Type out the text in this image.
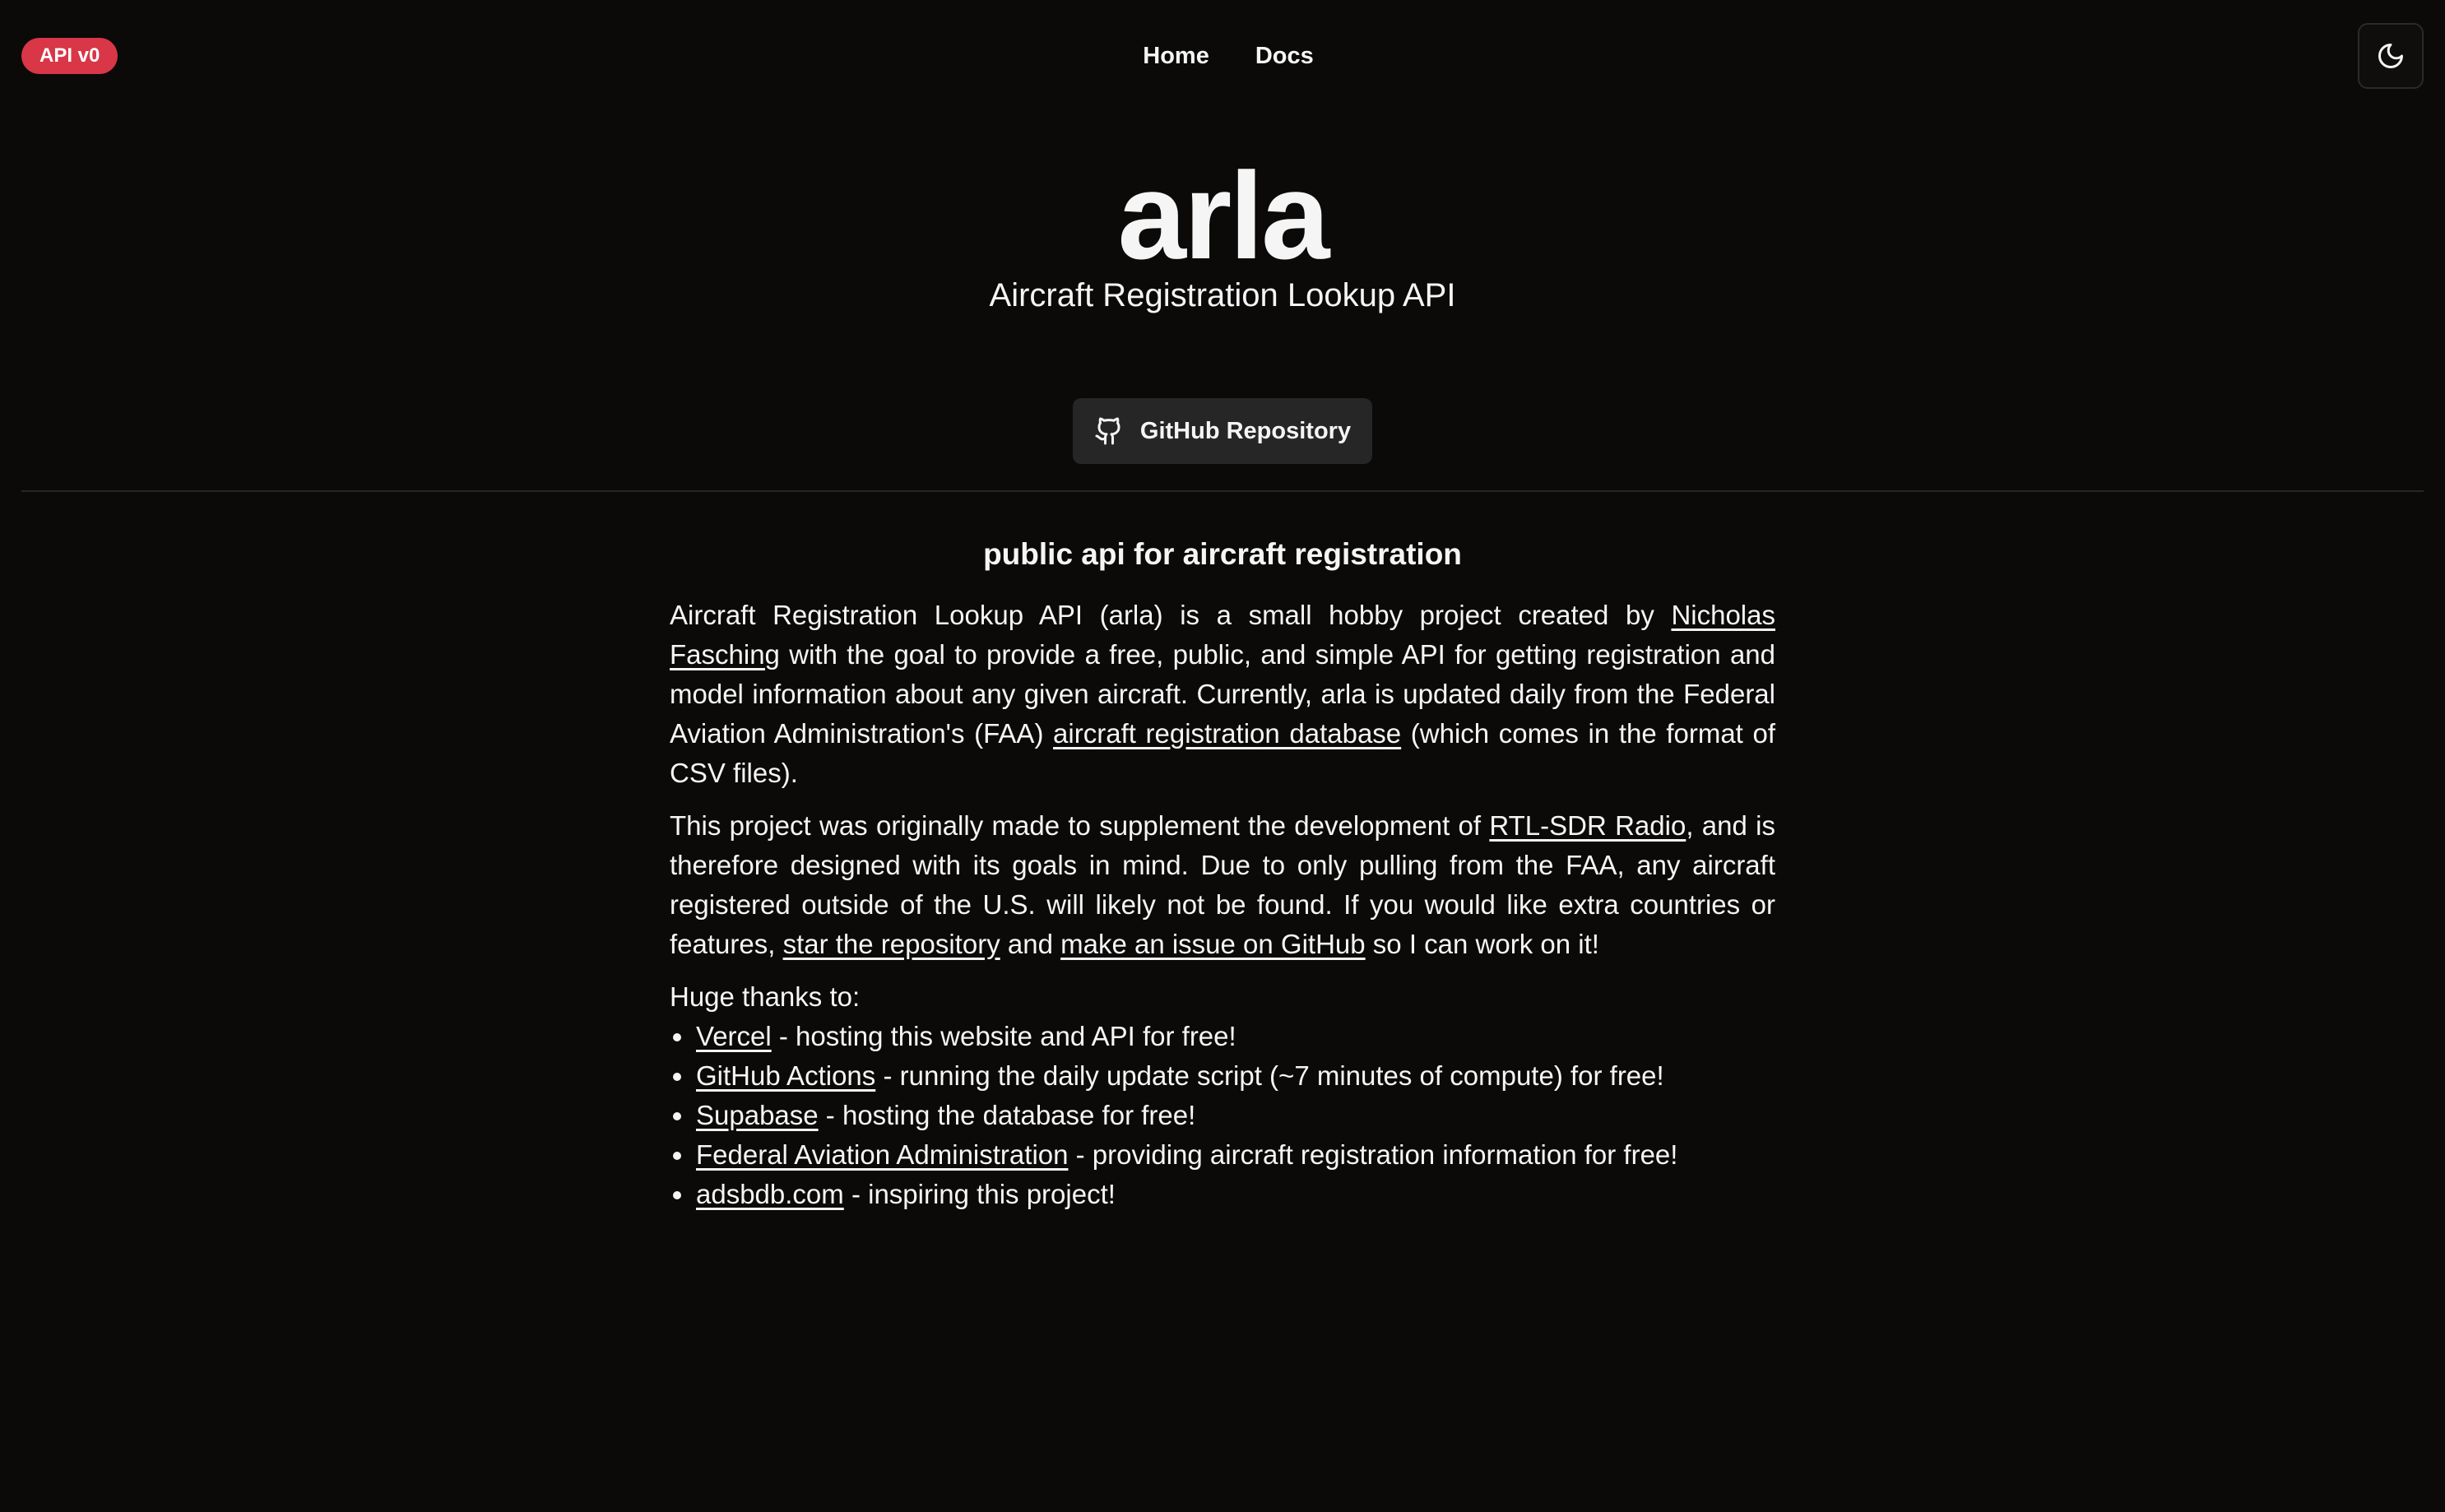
API v0	Home Docs
arla
Aircraft Registration Lookup API
GitHub Repository
public api for aircraft registration

Aircraft Registration Lookup API (arla) is a small hobby project created by Nicholas Fasching with the goal to provide a free, public, and simple API for getting registration and model information about any given aircraft. Currently, arla is updated daily from the Federal Aviation Administration's (FAA) aircraft registration database (which comes in the format of CSV files).

This project was originally made to supplement the development of RTL-SDR Radio, and is therefore designed with its goals in mind. Due to only pulling from the FAA, any aircraft registered outside of the U.S. will likely not be found. If you would like extra countries or features, star the repository and make an issue on GitHub so I can work on it!

Huge thanks to:
Vercel - hosting this website and API for free!
GitHub Actions - running the daily update script (~7 minutes of compute) for free!
Supabase - hosting the database for free!
Federal Aviation Administration - providing aircraft registration information for free!
adsbdb.com - inspiring this project!
